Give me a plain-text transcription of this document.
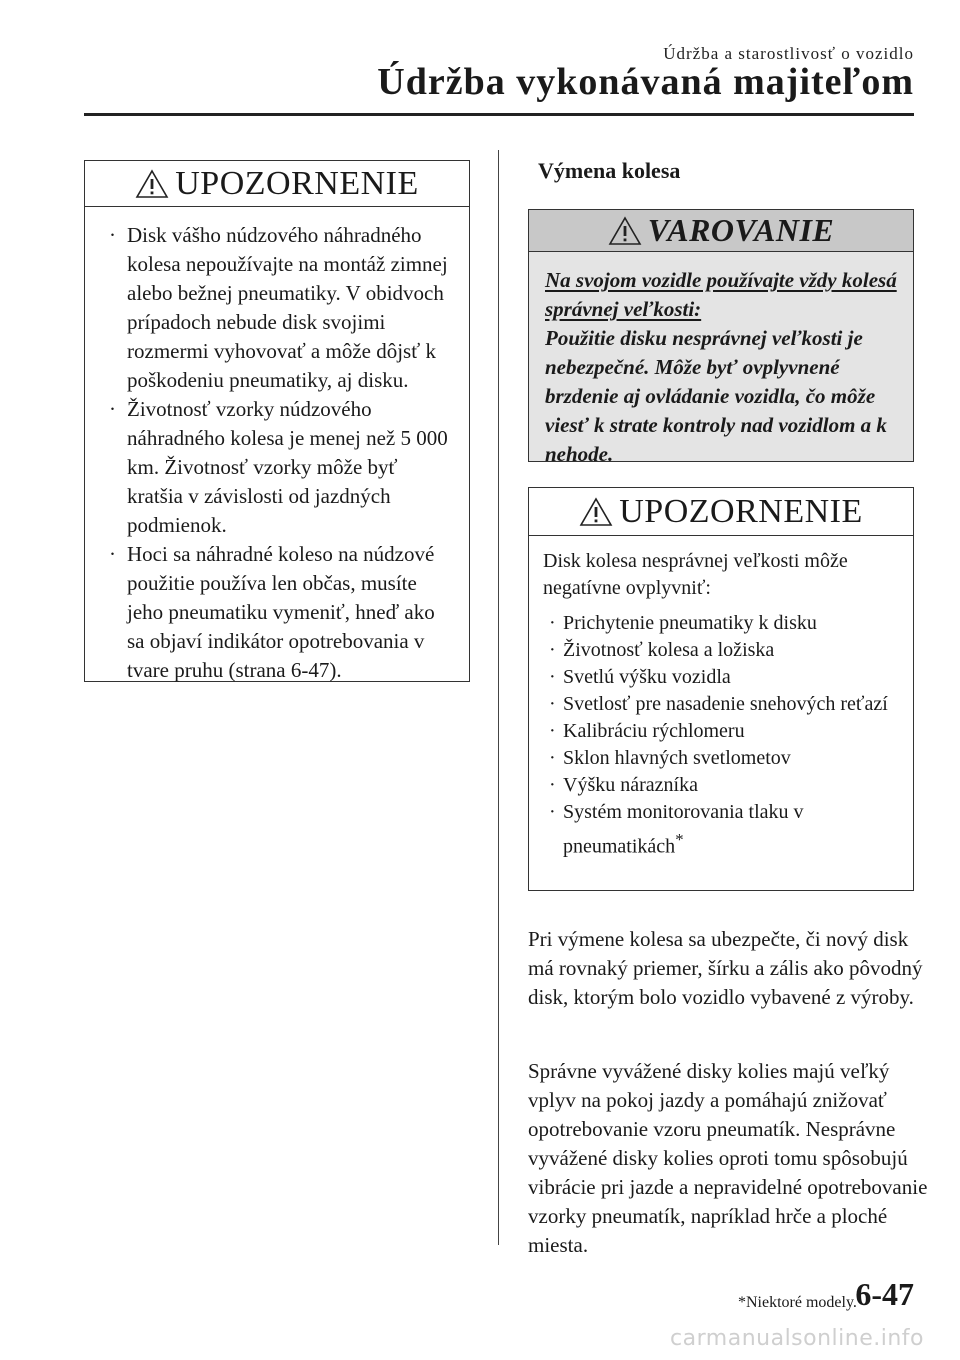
Údržba a starostlivosť o vozidlo
Údržba vykonávaná majiteľom
UPOZORNENIE
· Disk vášho núdzového náhradného kolesa nepoužívajte na montáž zimnej alebo bežnej pneumatiky. V obidvoch prípadoch nebude disk svojimi rozmermi vyhovovať a môže dôjsť k poškodeniu pneumatiky, aj disku.
· Životnosť vzorky núdzového náhradného kolesa je menej než 5 000 km. Životnosť vzorky môže byť kratšia v závislosti od jazdných podmienok.
· Hoci sa náhradné koleso na núdzové použitie používa len občas, musíte jeho pneumatiku vymeniť, hneď ako sa objaví indikátor opotrebovania v tvare pruhu (strana 6-47).
Výmena kolesa
VAROVANIE
Na svojom vozidle používajte vždy kolesá správnej veľkosti:
Použitie disku nesprávnej veľkosti je nebezpečné. Môže byť ovplyvnené brzdenie aj ovládanie vozidla, čo môže viesť k strate kontroly nad vozidlom a k nehode.
UPOZORNENIE
Disk kolesa nesprávnej veľkosti môže negatívne ovplyvniť:
· Prichytenie pneumatiky k disku
· Životnosť kolesa a ložiska
· Svetlú výšku vozidla
· Svetlosť pre nasadenie snehových reťazí
· Kalibráciu rýchlomeru
· Sklon hlavných svetlometov
· Výšku nárazníka
· Systém monitorovania tlaku v pneumatikách*
Pri výmene kolesa sa ubezpečte, či nový disk má rovnaký priemer, šírku a zális ako pôvodný disk, ktorým bolo vozidlo vybavené z výroby.
Správne vyvážené disky kolies majú veľký vplyv na pokoj jazdy a pomáhajú znižovať opotrebovanie vzoru pneumatík. Nesprávne vyvážené disky kolies oproti tomu spôsobujú vibrácie pri jazde a nepravidelné opotrebovanie vzorky pneumatík, napríklad hrče a ploché miesta.
*Niektoré modely.
6-47
carmanualsonline.info
